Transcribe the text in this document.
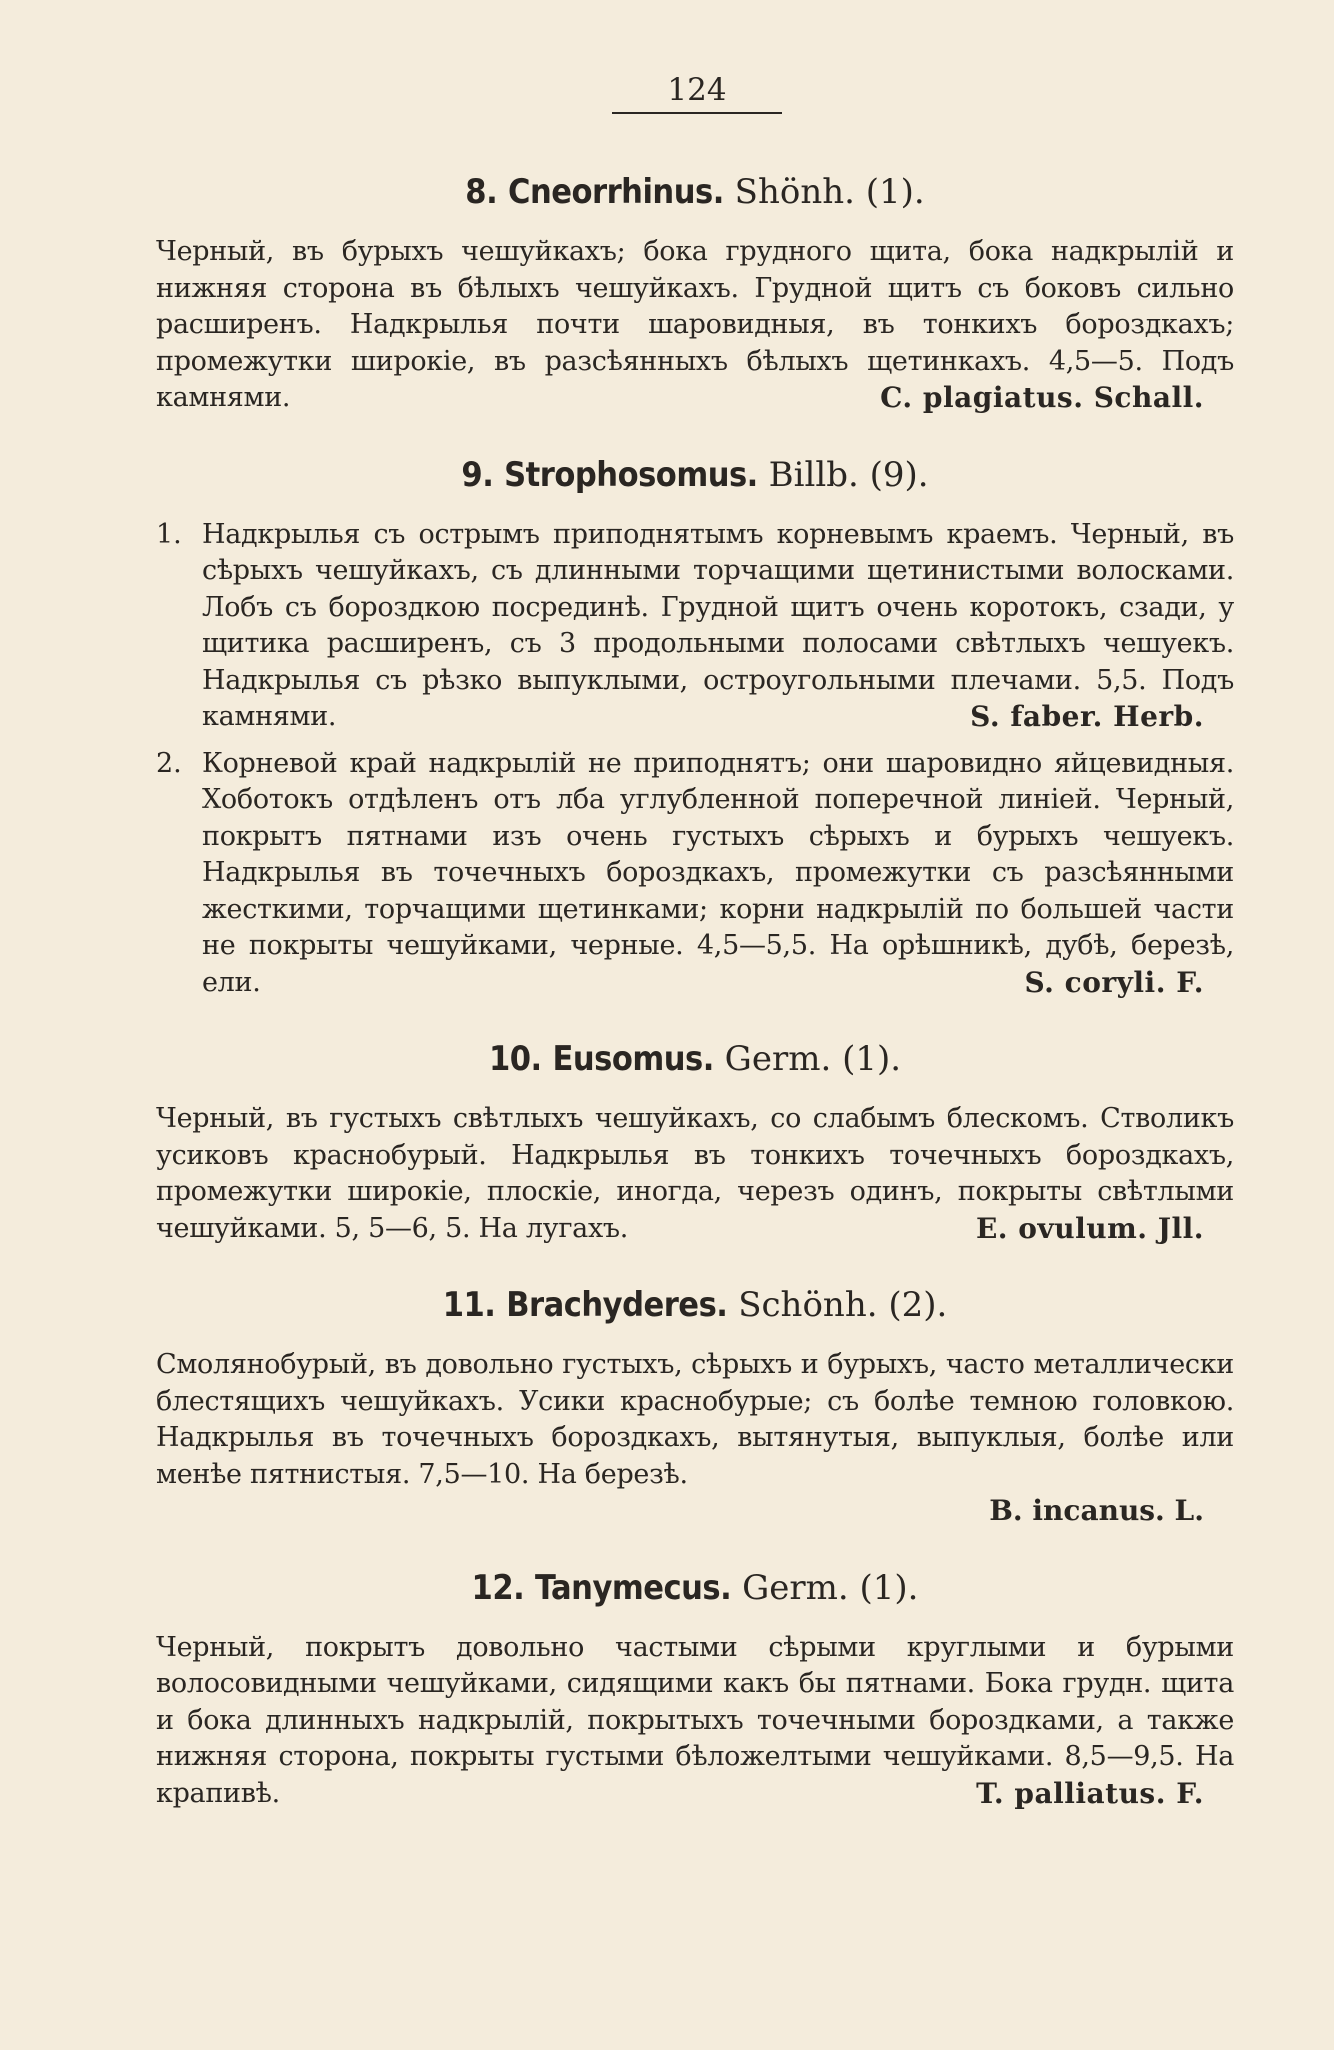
124
8. Cneorrhinus. Shönh. (1).

Черный, въ бурыхъ чешуйкахъ; бока грудного щита, бока надкрылій и нижняя сторона въ бѣлыхъ чешуйкахъ. Грудной щитъ съ боковъ сильно расширенъ. Надкрылья почти шаровидныя, въ тонкихъ бороздкахъ; промежутки широкіе, въ разсѣянныхъ бѣлыхъ щетинкахъ. 4,5—5. Подъ камнями.	C. plagiatus. Schall.

9. Strophosomus. Billb. (9).
1. Надкрылья съ острымъ приподнятымъ корневымъ краемъ. Черный, въ сѣрыхъ чешуйкахъ, съ длинными торчащими щетинистыми волосками. Лобъ съ бороздкою посрединѣ. Грудной щитъ очень коротокъ, сзади, у щитика расширенъ, съ 3 продольными полосами свѣтлыхъ чешуекъ. Надкрылья съ рѣзко выпуклыми, остроугольными плечами. 5,5. Подъ камнями.	S. faber. Herb.

2. Корневой край надкрылій не приподнятъ; они шаровидно яйцевидныя. Хоботокъ отдѣленъ отъ лба углубленной поперечной линіей. Черный, покрытъ пятнами изъ очень густыхъ сѣрыхъ и бурыхъ чешуекъ. Надкрылья въ точечныхъ бороздкахъ, промежутки съ разсѣянными жесткими, торчащими щетинками; корни надкрылій по большей части не покрыты чешуйками, черные. 4,5—5,5. На орѣшникѣ, дубѣ, березѣ, ели.	S. coryli. F.

10. Eusomus. Germ. (1).

Черный, въ густыхъ свѣтлыхъ чешуйкахъ, со слабымъ блескомъ. Стволикъ усиковъ краснобурый. Надкрылья въ тонкихъ точечныхъ бороздкахъ, промежутки широкіе, плоскіе, иногда, черезъ одинъ, покрыты свѣтлыми чешуйками. 5, 5—6, 5. На лугахъ.	E. ovulum. Jll.

11. Brachyderes. Schönh. (2).

Смолянобурый, въ довольно густыхъ, сѣрыхъ и бурыхъ, часто металлически блестящихъ чешуйкахъ. Усики краснобурые; съ болѣе темною головкою. Надкрылья въ точечныхъ бороздкахъ, вытянутыя, выпуклыя, болѣе или менѣе пятнистыя. 7,5—10. На березѣ.

B. incanus. L.
12. Tanymecus. Germ. (1).

Черный, покрытъ довольно частыми сѣрыми круглыми и бурыми волосовидными чешуйками, сидящими какъ бы пятнами. Бока грудн. щита и бока длинныхъ надкрылій, покрытыхъ точечными бороздками, а также нижняя сторона, покрыты густыми бѣложелтыми чешуйками. 8,5—9,5. На крапивѣ.	T. palliatus. F.
